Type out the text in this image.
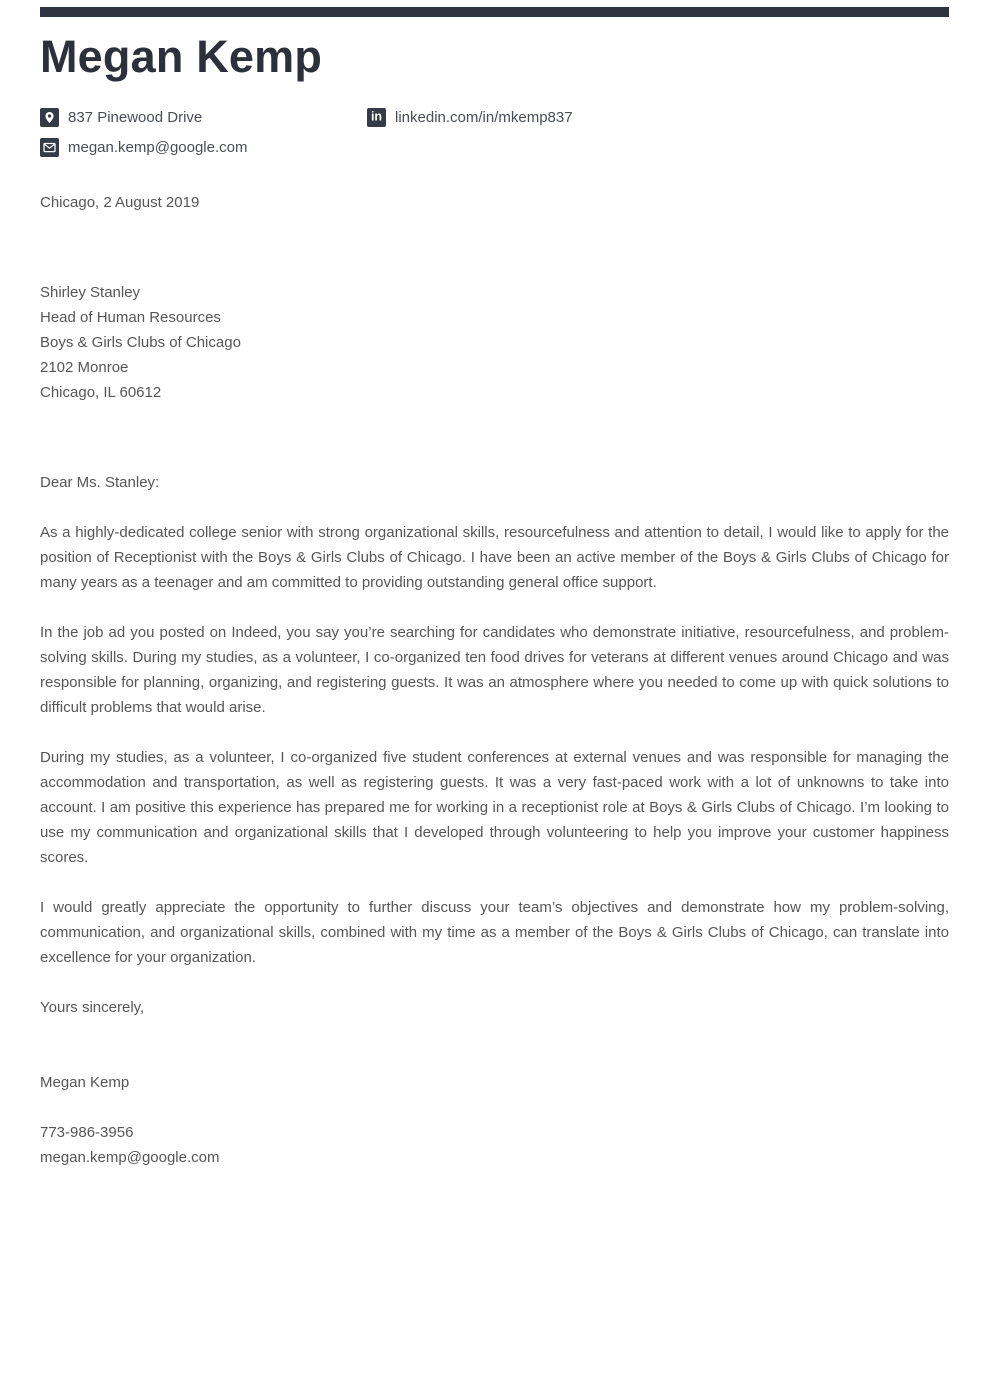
Megan Kemp
837 Pinewood Drive	in linkedin.com/in/mkemp837
megan.kemp@google.com
Chicago, 2 August 2019
Shirley Stanley
Head of Human Resources
Boys & Girls Clubs of Chicago
2102 Monroe
Chicago, IL 60612
Dear Ms. Stanley:
As a highly-dedicated college senior with strong organizational skills, resourcefulness and attention to detail, I would like to apply for the position of Receptionist with the Boys & Girls Clubs of Chicago. I have been an active member of the Boys & Girls Clubs of Chicago for many years as a teenager and am committed to providing outstanding general office support.
In the job ad you posted on Indeed, you say you’re searching for candidates who demonstrate initiative, resourcefulness, and problem-solving skills. During my studies, as a volunteer, I co-organized ten food drives for veterans at different venues around Chicago and was responsible for planning, organizing, and registering guests. It was an atmosphere where you needed to come up with quick solutions to difficult problems that would arise.
During my studies, as a volunteer, I co-organized five student conferences at external venues and was responsible for managing the accommodation and transportation, as well as registering guests. It was a very fast-paced work with a lot of unknowns to take into account. I am positive this experience has prepared me for working in a receptionist role at Boys & Girls Clubs of Chicago. I’m looking to use my communication and organizational skills that I developed through volunteering to help you improve your customer happiness scores.
I would greatly appreciate the opportunity to further discuss your team’s objectives and demonstrate how my problem-solving, communication, and organizational skills, combined with my time as a member of the Boys & Girls Clubs of Chicago, can translate into excellence for your organization.
Yours sincerely,
Megan Kemp
773-986-3956
megan.kemp@google.com
